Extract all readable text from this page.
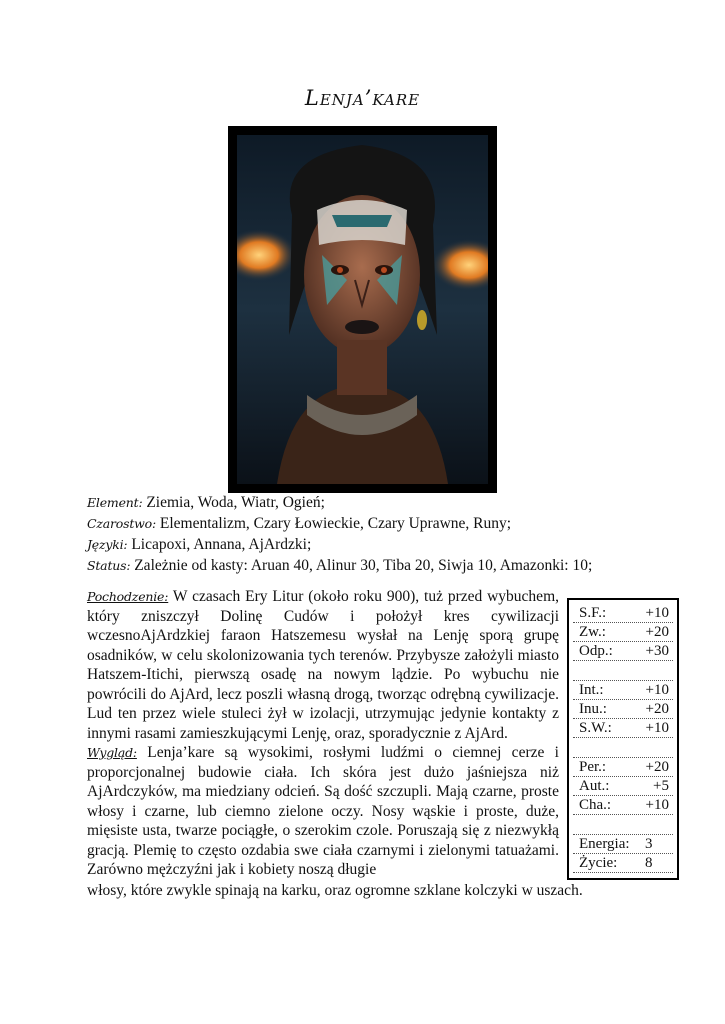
Lenja’kare
Element: Ziemia, Woda, Wiatr, Ogień;
Czarostwo: Elementalizm, Czary Łowieckie, Czary Uprawne, Runy;
Języki: Licapoxi, Annana, AjArdzki;
Status: Zależnie od kasty: Aruan 40, Alinur 30, Tiba 20, Siwja 10, Amazonki: 10;

Pochodzenie: W czasach Ery Litur (około roku 900), tuż przed wybuchem, który zniszczył Dolinę Cudów i położył kres cywilizacji wczesnoAjArdzkiej faraon Hatszemesu wysłał na Lenję sporą grupę osadników, w celu skolonizowania tych terenów. Przybysze założyli miasto Hatszem-Itichi, pierwszą osadę na nowym lądzie. Po wybuchu nie powrócili do AjArd, lecz poszli własną drogą, tworząc odrębną cywilizacje. Lud ten przez wiele stuleci żył w izolacji, utrzymując jedynie kontakty z innymi rasami zamieszkującymi Lenję, oraz, sporadycznie z AjArd.

Wygląd: Lenja’kare są wysokimi, rosłymi ludźmi o ciemnej cerze i proporcjonalnej budowie ciała. Ich skóra jest dużo jaśniejsza niż AjArdczyków, ma miedziany odcień. Są dość szczupli. Mają czarne, proste włosy i czarne, lub ciemno zielone oczy. Nosy wąskie i proste, duże, mięsiste usta, twarze pociągłe, o szerokim czole. Poruszają się z niezwykłą gracją. Plemię to często ozdabia swe ciała czarnymi i zielonymi tatuażami. Zarówno mężczyźni jak i kobiety noszą długie

włosy, które zwykle spinają na karku, oraz ogromne szklane kolczyki w uszach.
S.F.:	+10
Zw.:	+20
Odp.: +30
Int.:	+10
Inu.:	+20
S.W.: +10
Per.:	+20
Aut.:	+5
Cha.: +10
Energia:	3
Życie:	8
